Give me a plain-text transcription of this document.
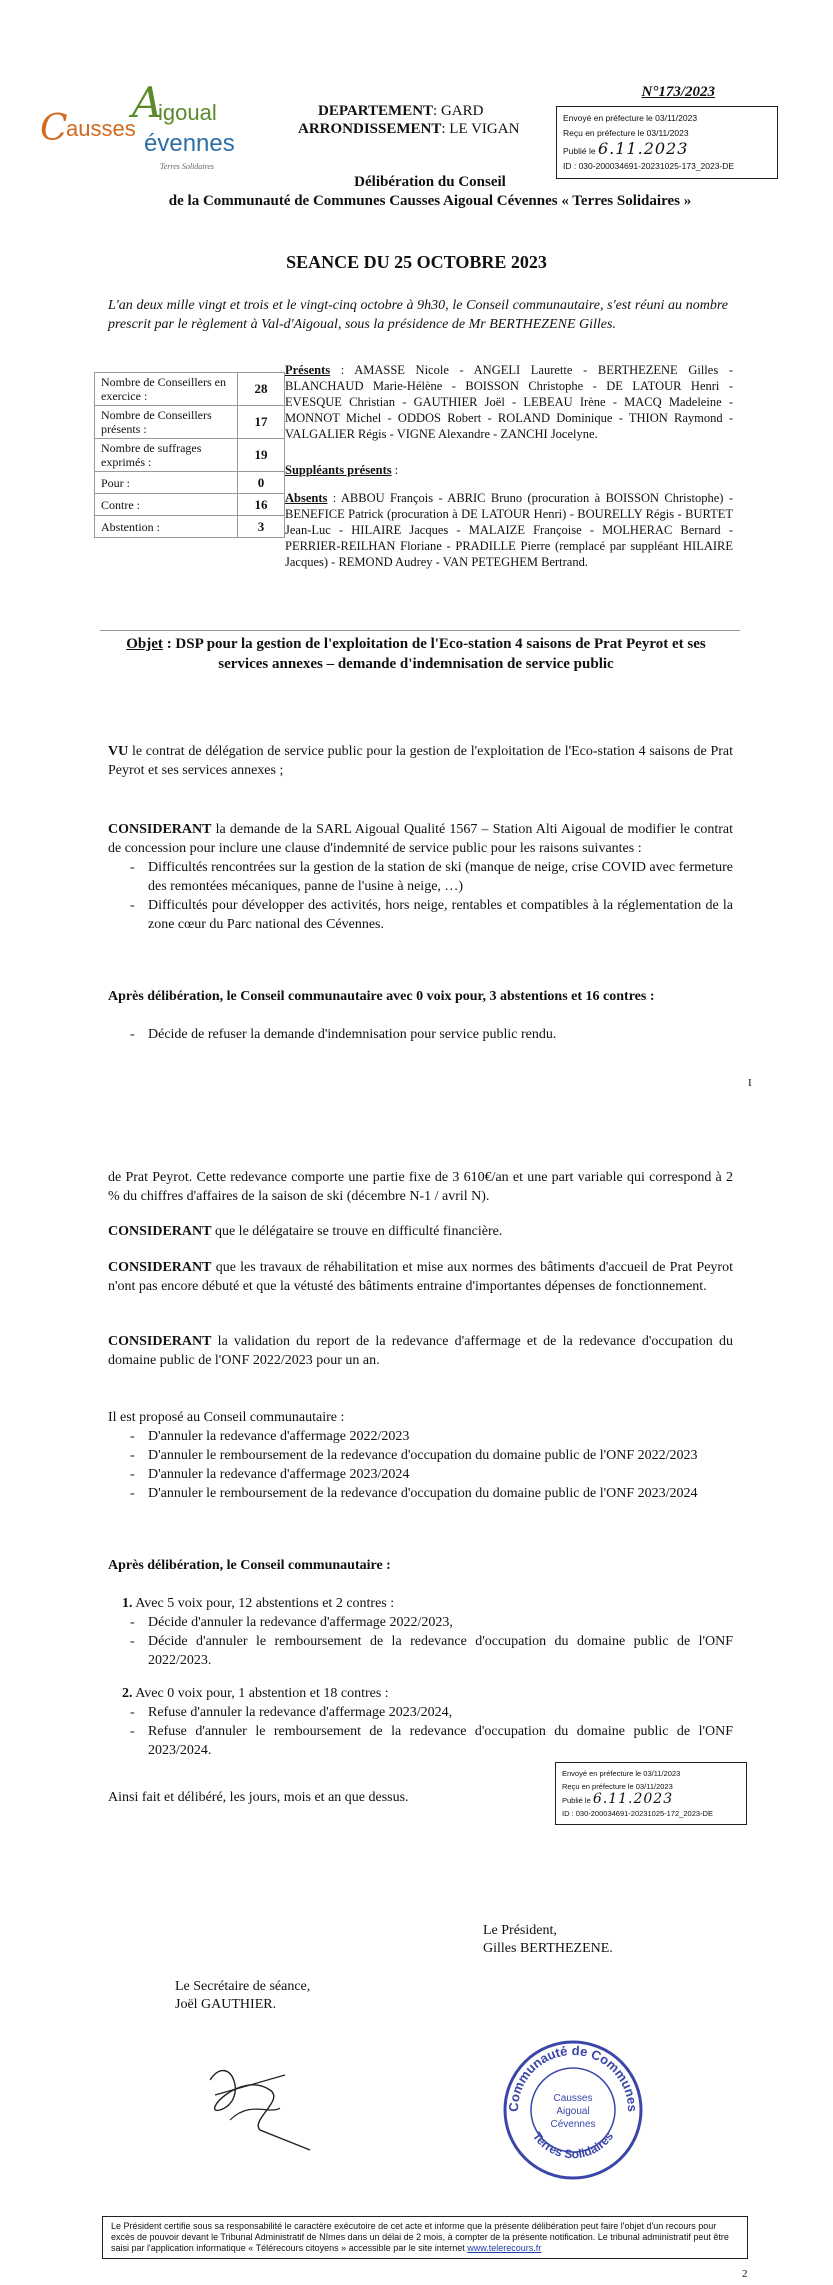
A
igoual
C
ausses
évennes
Terres Solidaires
N°173/2023
DEPARTEMENT: GARD
ARRONDISSEMENT: LE VIGAN
Envoyé en préfecture le 03/11/2023
Reçu en préfecture le 03/11/2023
Publié le 6.11.2023
ID : 030-200034691-20231025-173_2023-DE
Délibération du Conseil
de la Communauté de Communes Causses Aigoual Cévennes « Terres Solidaires »
SEANCE DU 25 OCTOBRE 2023
L'an deux mille vingt et trois et le vingt-cinq octobre à 9h30, le Conseil communautaire, s'est réuni au nombre prescrit par le règlement à Val-d'Aigoual, sous la présidence de Mr BERTHEZENE Gilles.
Nombre de Conseillers en exercice :	28
Nombre de Conseillers présents :	17
Nombre de suffrages exprimés :	19
Pour :	0
Contre :	16
Abstention :	3
Présents : AMASSE Nicole - ANGELI Laurette - BERTHEZENE Gilles - BLANCHAUD Marie-Hélène - BOISSON Christophe - DE LATOUR Henri - EVESQUE Christian - GAUTHIER Joël - LEBEAU Irène - MACQ Madeleine - MONNOT Michel - ODDOS Robert - ROLAND Dominique - THION Raymond - VALGALIER Régis - VIGNE Alexandre - ZANCHI Jocelyne.
Suppléants présents :
Absents : ABBOU François - ABRIC Bruno (procuration à BOISSON Christophe) - BENEFICE Patrick (procuration à DE LATOUR Henri) - BOURELLY Régis - BURTET Jean-Luc - HILAIRE Jacques - MALAIZE Françoise - MOLHERAC Bernard - PERRIER-REILHAN Floriane - PRADILLE Pierre (remplacé par suppléant HILAIRE Jacques) - REMOND Audrey - VAN PETEGHEM Bertrand.
Objet : DSP pour la gestion de l'exploitation de l'Eco-station 4 saisons de Prat Peyrot et ses services annexes – demande d'indemnisation de service public
VU le contrat de délégation de service public pour la gestion de l'exploitation de l'Eco-station 4 saisons de Prat Peyrot et ses services annexes ;
CONSIDERANT la demande de la SARL Aigoual Qualité 1567 – Station Alti Aigoual de modifier le contrat de concession pour inclure une clause d'indemnité de service public pour les raisons suivantes :
- Difficultés rencontrées sur la gestion de la station de ski (manque de neige, crise COVID avec fermeture des remontées mécaniques, panne de l'usine à neige, …)
- Difficultés pour développer des activités, hors neige, rentables et compatibles à la réglementation de la zone cœur du Parc national des Cévennes.
Après délibération, le Conseil communautaire avec 0 voix pour, 3 abstentions et 16 contres :
- Décide de refuser la demande d'indemnisation pour service public rendu.
I
de Prat Peyrot. Cette redevance comporte une partie fixe de 3 610€/an et une part variable qui correspond à 2 % du chiffres d'affaires de la saison de ski (décembre N-1 / avril N).
CONSIDERANT que le délégataire se trouve en difficulté financière.
CONSIDERANT que les travaux de réhabilitation et mise aux normes des bâtiments d'accueil de Prat Peyrot n'ont pas encore débuté et que la vétusté des bâtiments entraine d'importantes dépenses de fonctionnement.
CONSIDERANT la validation du report de la redevance d'affermage et de la redevance d'occupation du domaine public de l'ONF 2022/2023 pour un an.
Il est proposé au Conseil communautaire :
- D'annuler la redevance d'affermage 2022/2023
- D'annuler le remboursement de la redevance d'occupation du domaine public de l'ONF 2022/2023
- D'annuler la redevance d'affermage 2023/2024
- D'annuler le remboursement de la redevance d'occupation du domaine public de l'ONF 2023/2024
Après délibération, le Conseil communautaire :
1. Avec 5 voix pour, 12 abstentions et 2 contres :
- Décide d'annuler la redevance d'affermage 2022/2023,
- Décide d'annuler le remboursement de la redevance d'occupation du domaine public de l'ONF 2022/2023.
2. Avec 0 voix pour, 1 abstention et 18 contres :
- Refuse d'annuler la redevance d'affermage 2023/2024,
- Refuse d'annuler le remboursement de la redevance d'occupation du domaine public de l'ONF 2023/2024.
Ainsi fait et délibéré, les jours, mois et an que dessus.
Envoyé en préfecture le 03/11/2023
Reçu en préfecture le 03/11/2023
Publié le 6.11.2023
ID : 030-200034691-20231025-172_2023-DE
Le Président,
Gilles BERTHEZENE.
Le Secrétaire de séance,
Joël GAUTHIER.
Communauté de Communes
Terres Solidaires
Causses
Aigoual
Cévennes
Le Président certifie sous sa responsabilité le caractère exécutoire de cet acte et informe que la présente délibération peut faire l'objet d'un recours pour excès de pouvoir devant le Tribunal Administratif de Nîmes dans un délai de 2 mois, à compter de la présente notification. Le tribunal administratif peut être saisi par l'application informatique « Télérecours citoyens » accessible par le site internet www.telerecours.fr
2
